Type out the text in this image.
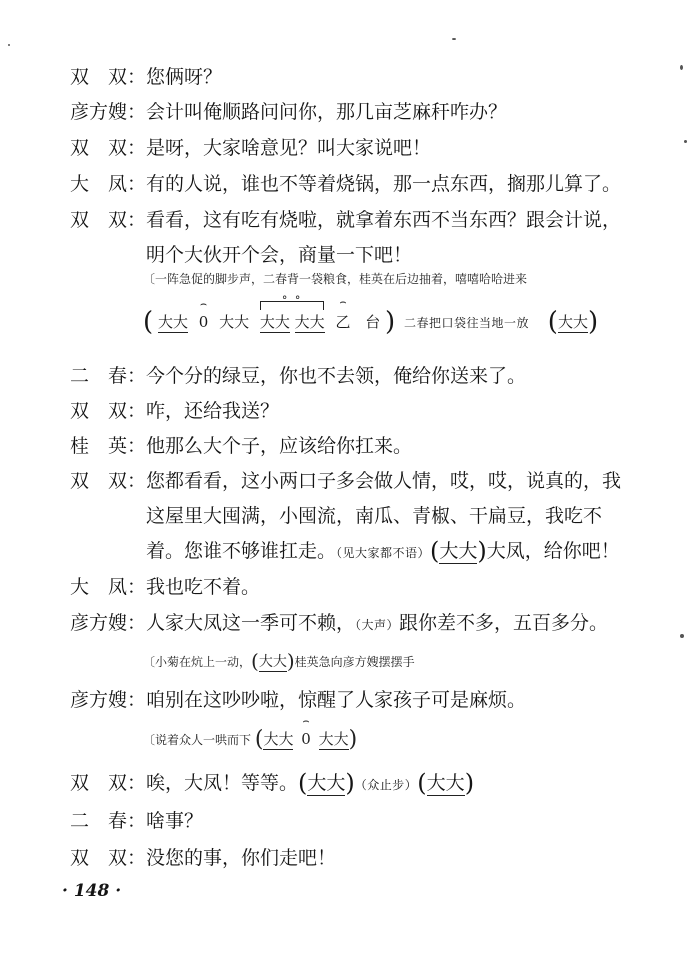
双　双：您俩呀？
彦方嫂：会计叫俺顺路问问你，那几亩芝麻秆咋办？
双　双：是呀，大家啥意见？叫大家说吧！
大　凤：有的人说，谁也不等着烧锅，那一点东西，搁那儿算了。
双　双：看看，这有吃有烧啦，就拿着东西不当东西？跟会计说，
明个大伙开个会，商量一下吧！
〔一阵急促的脚步声，二春背一袋粮食，桂英在后边抽着，嘻嘻哈哈进来
( 大大
⌢
0 大大
° °
大大 大大
⌢
乙 台 ) 二春把口袋往当地一放 (大大)
二　春：今个分的绿豆，你也不去领，俺给你送来了。
双　双：咋，还给我送？
桂　英：他那么大个子，应该给你扛来。
双　双：您都看看，这小两口子多会做人情，哎，哎，说真的，我
这屋里大囤满，小囤流，南瓜、青椒、干扁豆，我吃不
着。您谁不够谁扛走。（见大家都不语）(大大)大凤，给你吧！
大　凤：我也吃不着。
彦方嫂：人家大凤这一季可不赖，（大声）跟你差不多，五百多分。
〔小菊在炕上一动，(大大)桂英急向彦方嫂摆摆手
彦方嫂：咱别在这吵吵啦，惊醒了人家孩子可是麻烦。
〔说着众人一哄而下 (大大
⌢
0 大大)
双　双：唉，大凤！等等。(大大)（众止步）(大大)
二　春：啥事？
双　双：没您的事，你们走吧！
· 148 ·
